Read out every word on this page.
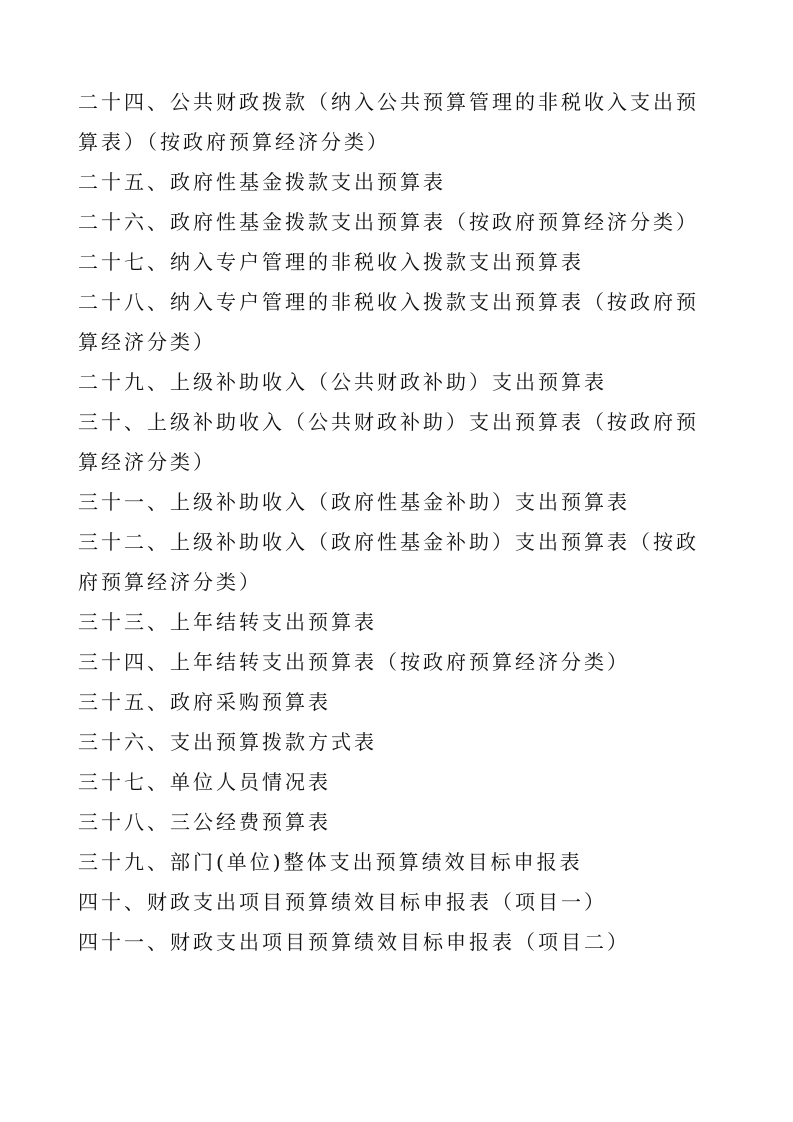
二十四、公共财政拨款（纳入公共预算管理的非税收入支出预算表）（按政府预算经济分类）
二十五、政府性基金拨款支出预算表
二十六、政府性基金拨款支出预算表（按政府预算经济分类）
二十七、纳入专户管理的非税收入拨款支出预算表
二十八、纳入专户管理的非税收入拨款支出预算表（按政府预算经济分类）
二十九、上级补助收入（公共财政补助）支出预算表
三十、上级补助收入（公共财政补助）支出预算表（按政府预算经济分类）
三十一、上级补助收入（政府性基金补助）支出预算表
三十二、上级补助收入（政府性基金补助）支出预算表（按政府预算经济分类）
三十三、上年结转支出预算表
三十四、上年结转支出预算表（按政府预算经济分类）
三十五、政府采购预算表
三十六、支出预算拨款方式表
三十七、单位人员情况表
三十八、三公经费预算表
三十九、部门(单位)整体支出预算绩效目标申报表
四十、财政支出项目预算绩效目标申报表（项目一）
四十一、财政支出项目预算绩效目标申报表（项目二）
